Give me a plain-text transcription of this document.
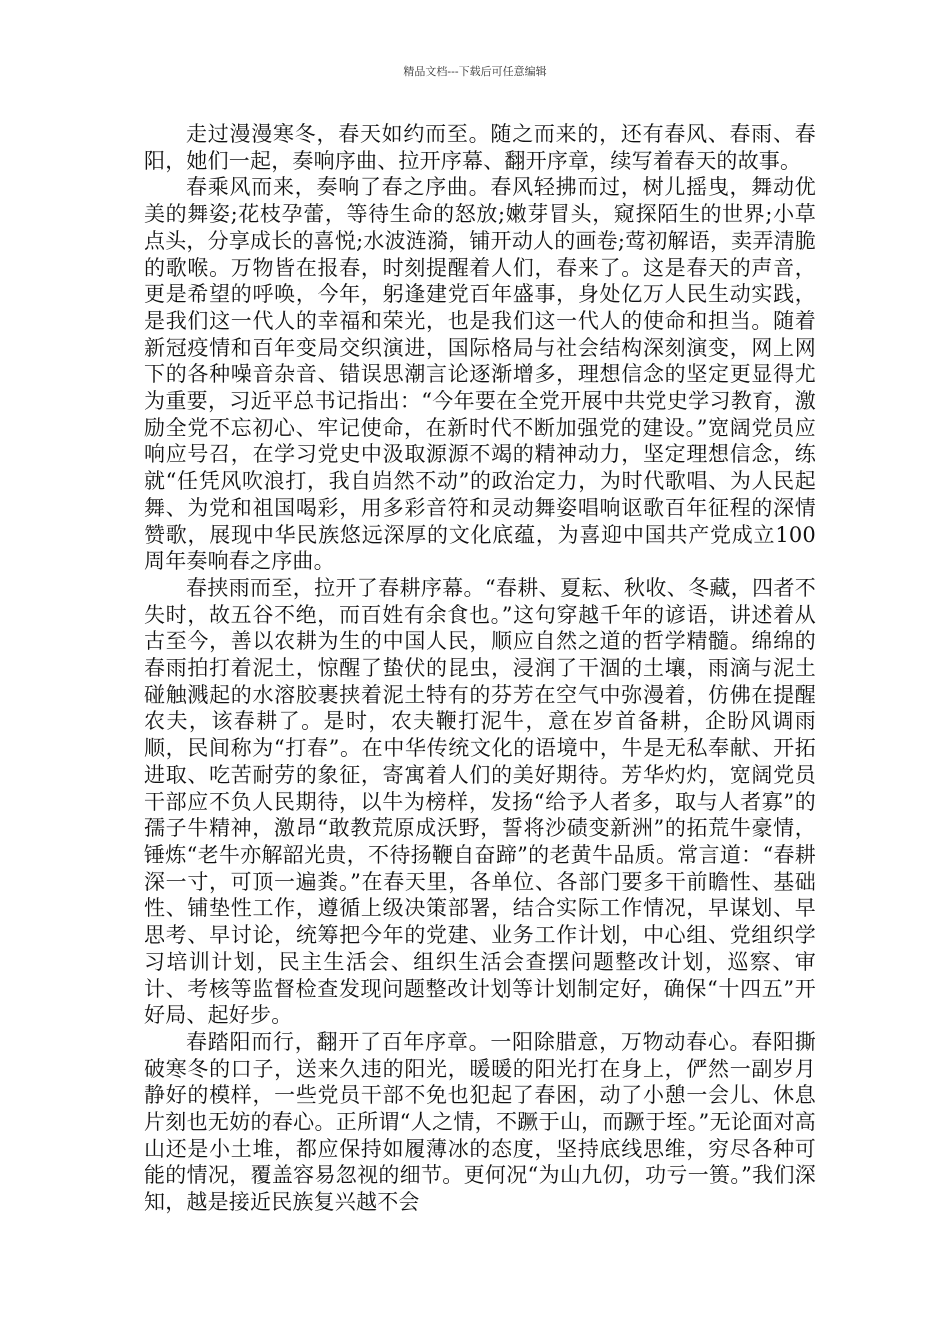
精品文档---下载后可任意编辑

走过漫漫寒冬，春天如约而至。随之而来的，还有春风、春雨、春阳，她们一起，奏响序曲、拉开序幕、翻开序章，续写着春天的故事。

春乘风而来，奏响了春之序曲。春风轻拂而过，树儿摇曳，舞动优美的舞姿;花枝孕蕾，等待生命的怒放;嫩芽冒头，窥探陌生的世界;小草点头，分享成长的喜悦;水波涟漪，铺开动人的画卷;莺初解语，卖弄清脆的歌喉。万物皆在报春，时刻提醒着人们，春来了。这是春天的声音，更是希望的呼唤，今年，躬逢建党百年盛事，身处亿万人民生动实践，是我们这一代人的幸福和荣光，也是我们这一代人的使命和担当。随着新冠疫情和百年变局交织演进，国际格局与社会结构深刻演变，网上网下的各种噪音杂音、错误思潮言论逐渐增多，理想信念的坚定更显得尤为重要，习近平总书记指出：“今年要在全党开展中共党史学习教育，激励全党不忘初心、牢记使命，在新时代不断加强党的建设。”宽阔党员应响应号召，在学习党史中汲取源源不竭的精神动力，坚定理想信念，练就“任凭风吹浪打，我自岿然不动”的政治定力，为时代歌唱、为人民起舞、为党和祖国喝彩，用多彩音符和灵动舞姿唱响讴歌百年征程的深情赞歌，展现中华民族悠远深厚的文化底蕴，为喜迎中国共产党成立100周年奏响春之序曲。

春挟雨而至，拉开了春耕序幕。“春耕、夏耘、秋收、冬藏，四者不失时，故五谷不绝，而百姓有余食也。”这句穿越千年的谚语，讲述着从古至今，善以农耕为生的中国人民，顺应自然之道的哲学精髓。绵绵的春雨拍打着泥土，惊醒了蛰伏的昆虫，浸润了干涸的土壤，雨滴与泥土碰触溅起的水溶胶裹挟着泥土特有的芬芳在空气中弥漫着，仿佛在提醒农夫，该春耕了。是时，农夫鞭打泥牛，意在岁首备耕，企盼风调雨顺，民间称为“打春”。在中华传统文化的语境中，牛是无私奉献、开拓进取、吃苦耐劳的象征，寄寓着人们的美好期待。芳华灼灼，宽阔党员干部应不负人民期待，以牛为榜样，发扬“给予人者多，取与人者寡”的孺子牛精神，激昂“敢教荒原成沃野，誓将沙碛变新洲”的拓荒牛豪情，锤炼“老牛亦解韶光贵，不待扬鞭自奋蹄”的老黄牛品质。常言道：“春耕深一寸，可顶一遍粪。”在春天里，各单位、各部门要多干前瞻性、基础性、铺垫性工作，遵循上级决策部署，结合实际工作情况，早谋划、早思考、早讨论，统筹把今年的党建、业务工作计划，中心组、党组织学习培训计划，民主生活会、组织生活会查摆问题整改计划，巡察、审计、考核等监督检查发现问题整改计划等计划制定好，确保“十四五”开好局、起好步。

春踏阳而行，翻开了百年序章。一阳除腊意，万物动春心。春阳撕破寒冬的口子，送来久违的阳光，暖暖的阳光打在身上，俨然一副岁月静好的模样，一些党员干部不免也犯起了春困，动了小憩一会儿、休息片刻也无妨的春心。正所谓“人之情，不蹶于山，而蹶于垤。”无论面对高山还是小土堆，都应保持如履薄冰的态度，坚持底线思维，穷尽各种可能的情况，覆盖容易忽视的细节。更何况“为山九仞，功亏一篑。”我们深知，越是接近民族复兴越不会
